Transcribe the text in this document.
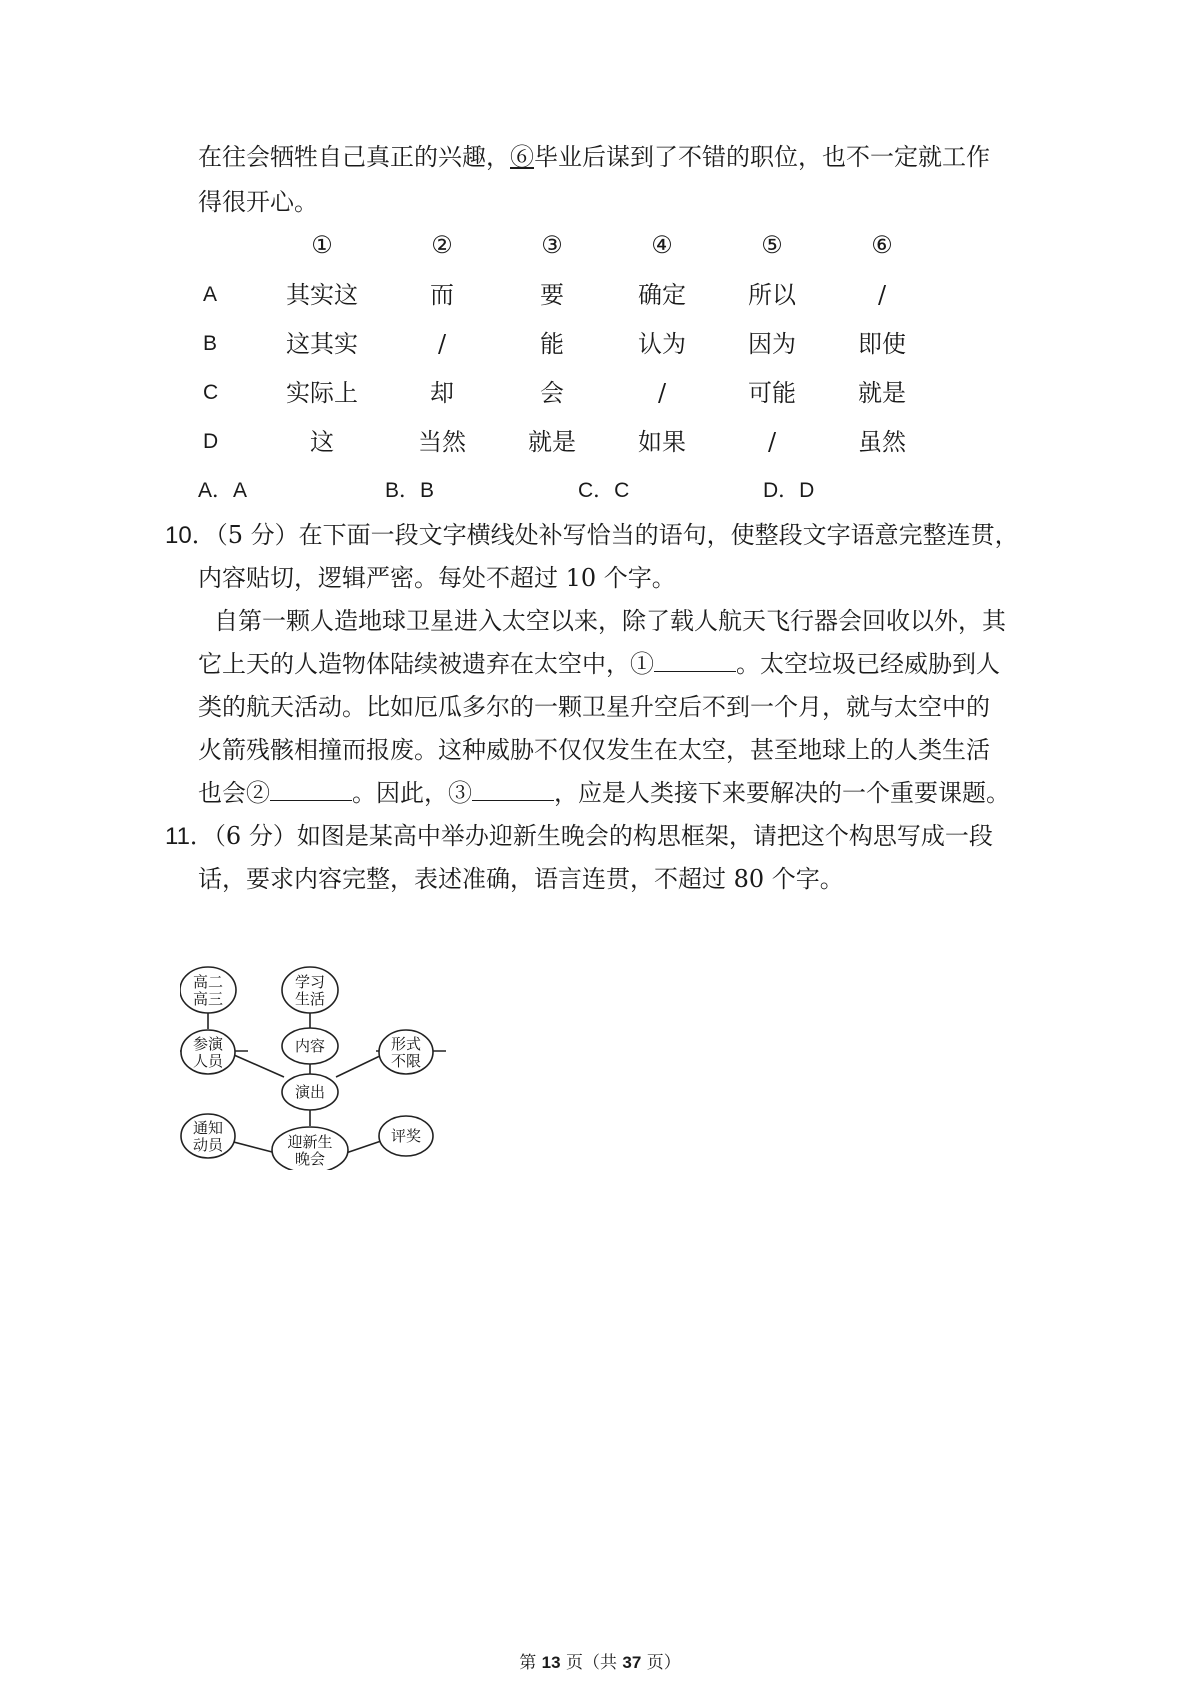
在往会牺牲自己真正的兴趣，⑥毕业后谋到了不错的职位，也不一定就工作
得很开心。
①	②	③	④	⑤	⑥
A	其实这	而	要	确定	所以	/
B	这其实	/	能	认为	因为	即使
C	实际上	却	会	/	可能	就是
D	这	当然	就是	如果	/	虽然
A．A	B．B	C．C	D．D
10．（5 分）在下面一段文字横线处补写恰当的语句，使整段文字语意完整连贯，
内容贴切，逻辑严密。每处不超过 10 个字。
自第一颗人造地球卫星进入太空以来，除了载人航天飞行器会回收以外，其
它上天的人造物体陆续被遗弃在太空中，①	。太空垃圾已经威胁到人
类的航天活动。比如厄瓜多尔的一颗卫星升空后不到一个月，就与太空中的
火箭残骸相撞而报废。这种威胁不仅仅发生在太空，甚至地球上的人类生活
也会②	。因此，③	，应是人类接下来要解决的一个重要课题。
11．（6 分）如图是某高中举办迎新生晚会的构思框架，请把这个构思写成一段
话，要求内容完整，表述准确，语言连贯，不超过 80 个字。
高二
高三
学习
生活
参演
人员
内容	形式
不限
演出
通知
动员	评奖
迎新生
晚会
第 13 页（共 37 页）
